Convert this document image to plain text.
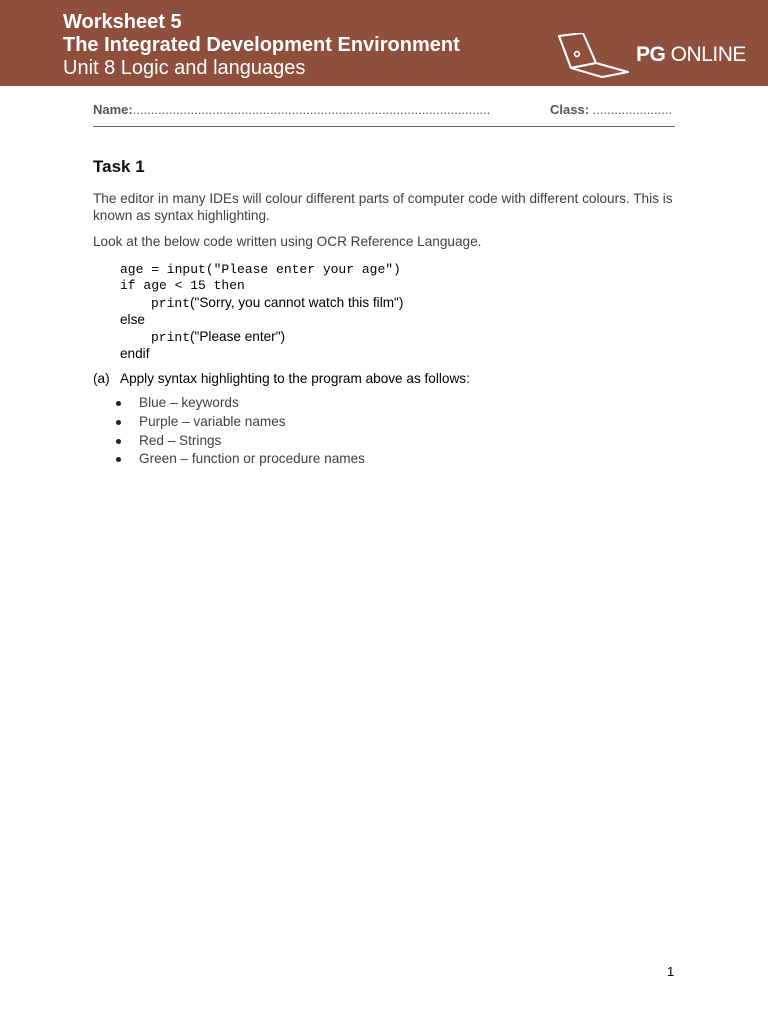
Worksheet 5
The Integrated Development Environment
Unit 8 Logic and languages
PG ONLINE
Name:...................................................................................................	Class: ......................
Task 1
The editor in many IDEs will colour different parts of computer code with different colours. This is known as syntax highlighting.
Look at the below code written using OCR Reference Language.
age = input("Please enter your age")
if age < 15 then
print("Sorry, you cannot watch this film")
else
print("Please enter")
endif
(a) Apply syntax highlighting to the program above as follows:
Blue – keywords
Purple – variable names
Red – Strings
Green – function or procedure names
1
